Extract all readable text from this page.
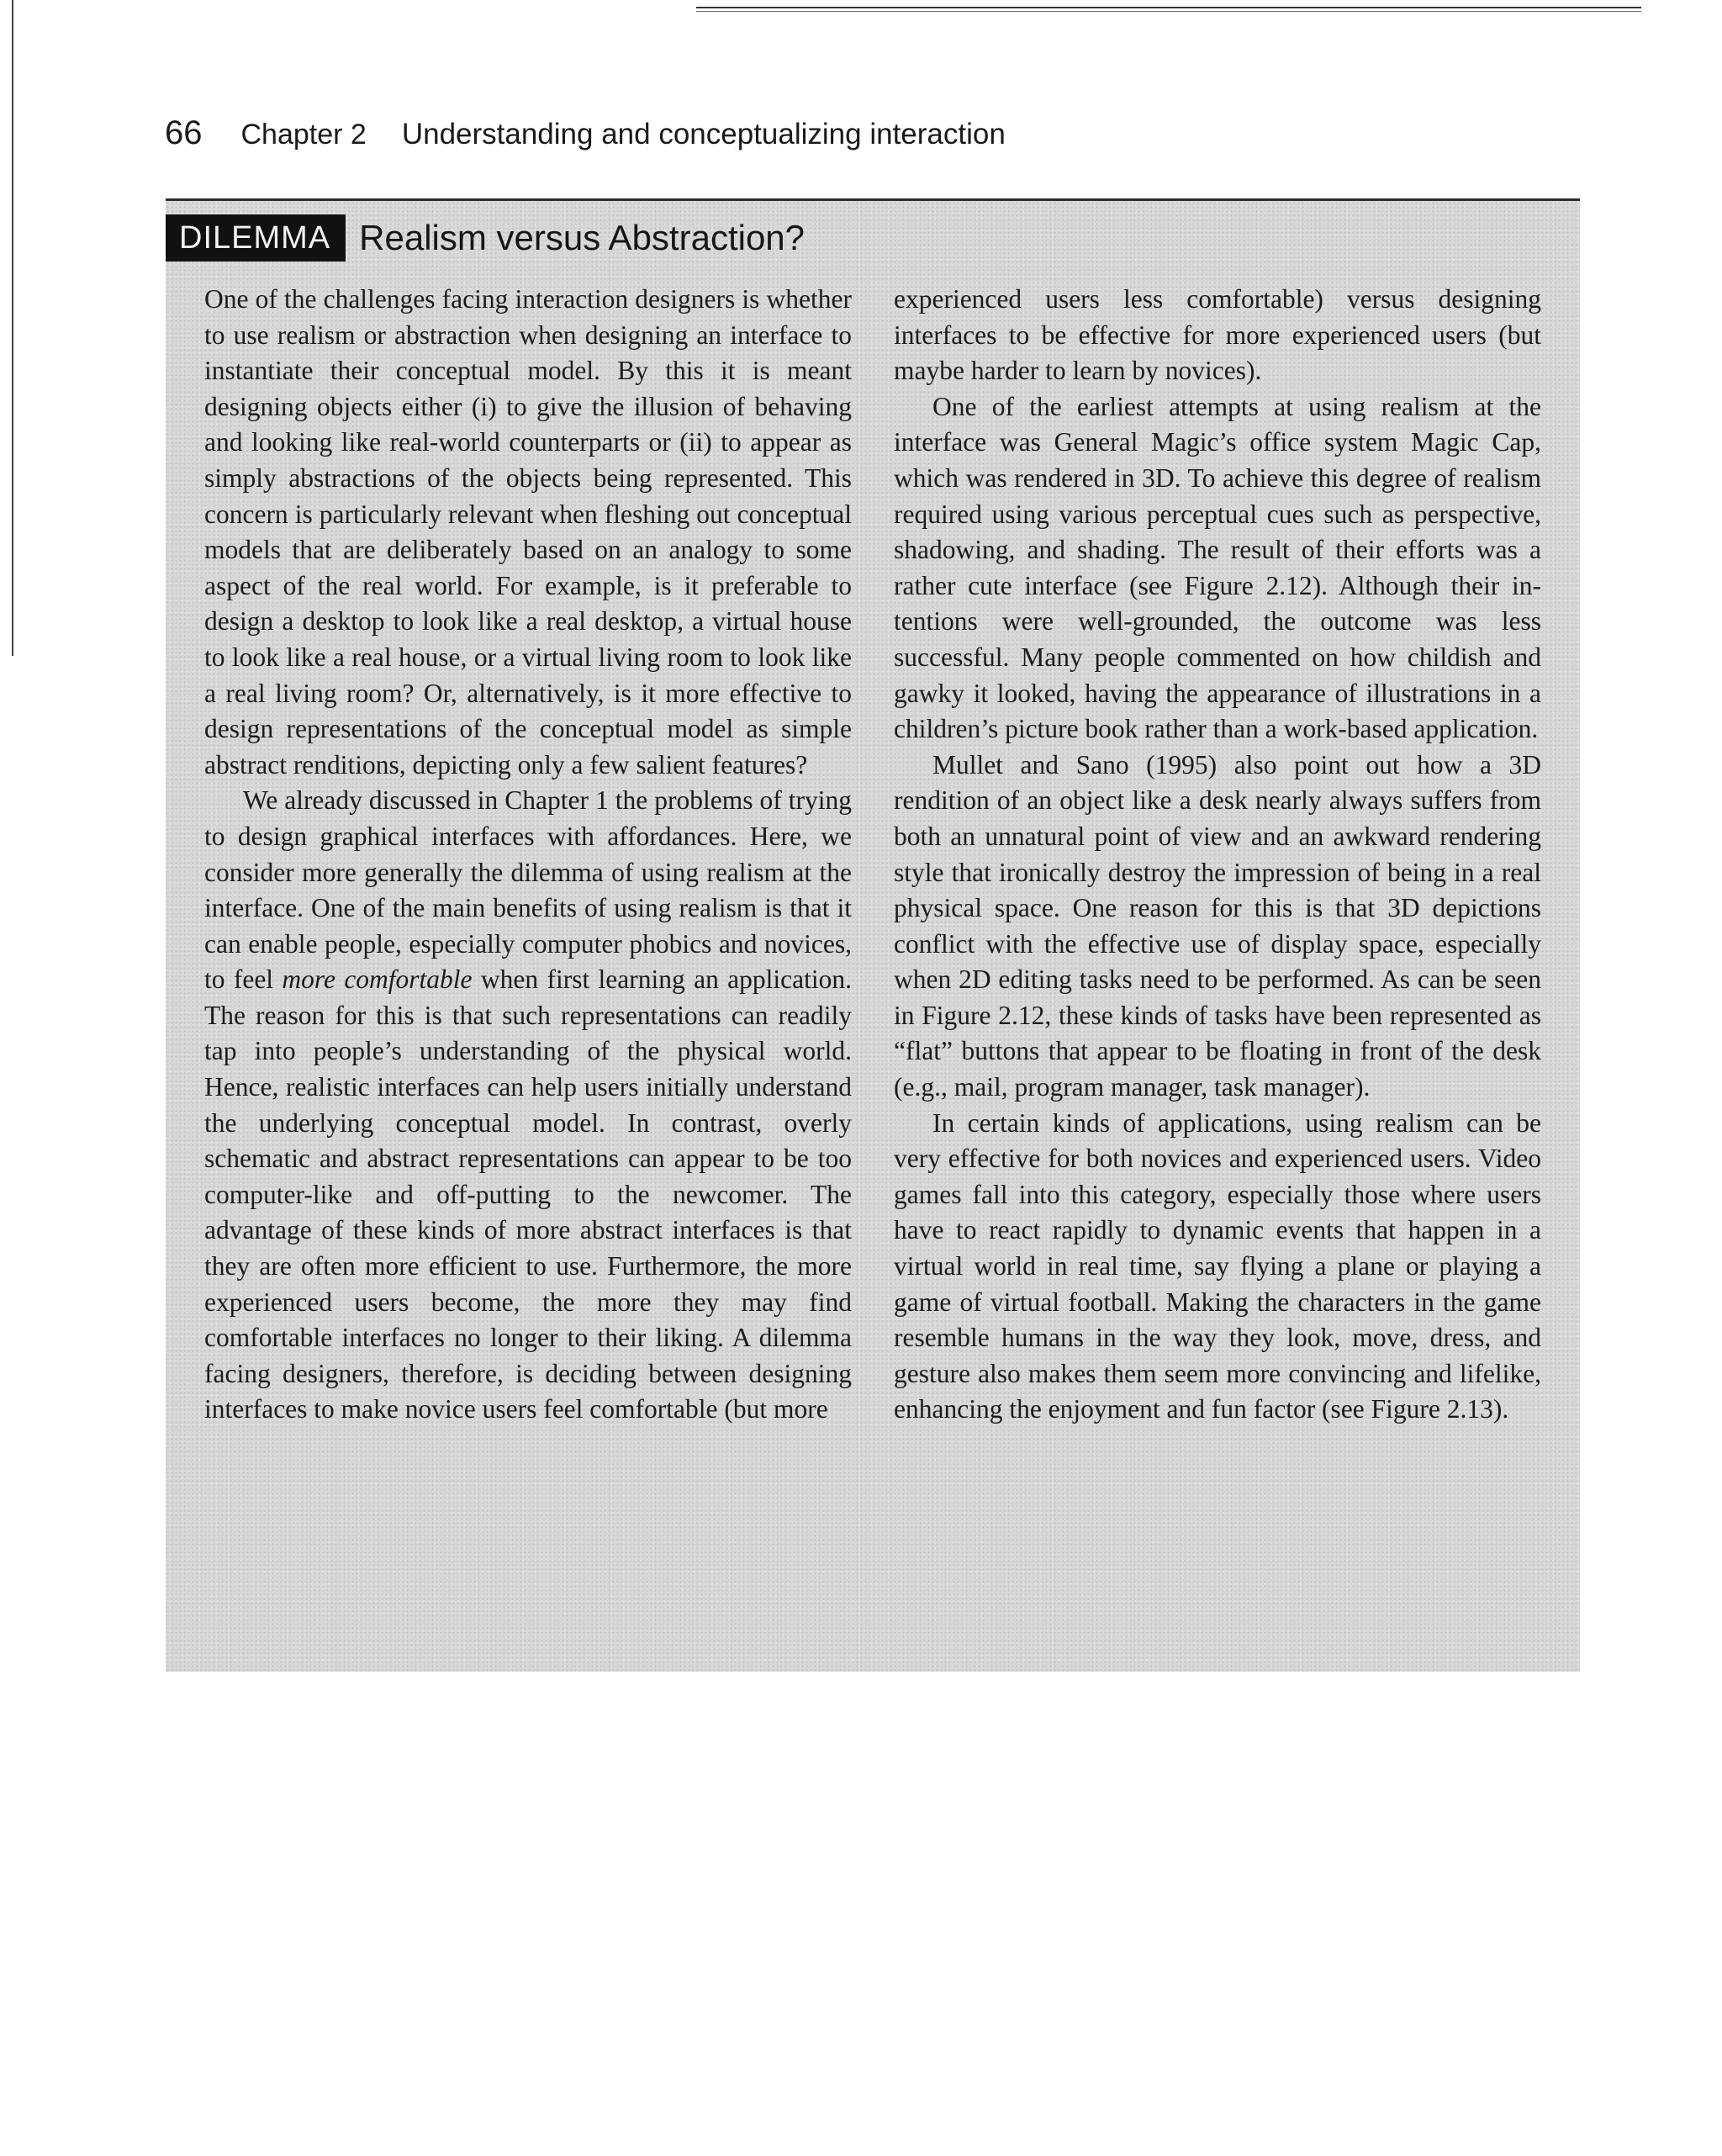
66 Chapter 2 Understanding and conceptualizing interaction
DILEMMA Realism versus Abstraction?

One of the challenges facing interaction designers is whether to use realism or abstraction when designing an interface to instantiate their conceptual model. By this it is meant designing objects either (i) to give the illusion of behaving and looking like real-world counterparts or (ii) to appear as simply abstractions of the objects being represented. This concern is particularly relevant when fleshing out conceptual models that are deliberately based on an analogy to some aspect of the real world. For example, is it preferable to design a desktop to look like a real desktop, a virtual house to look like a real house, or a virtual living room to look like a real living room? Or, alternatively, is it more effective to design representations of the conceptual model as simple abstract renditions, depicting only a few salient features?

We already discussed in Chapter 1 the problems of trying to design graphical interfaces with affordances. Here, we consider more generally the dilemma of using realism at the interface. One of the main benefits of using realism is that it can enable people, especially computer phobics and novices, to feel more comfortable when first learning an application. The reason for this is that such representations can readily tap into people’s understanding of the physical world. Hence, realistic interfaces can help users initially understand the underlying conceptual model. In contrast, overly schematic and abstract representations can appear to be too computer-like and off-putting to the newcomer. The advantage of these kinds of more abstract interfaces is that they are often more efficient to use. Furthermore, the more experienced users become, the more they may find comfortable interfaces no longer to their liking. A dilemma facing designers, therefore, is deciding between designing interfaces to make novice users feel comfortable (but more

experienced users less comfortable) versus designing interfaces to be effective for more experienced users (but maybe harder to learn by novices).

One of the earliest attempts at using realism at the interface was General Magic’s office system Magic Cap, which was rendered in 3D. To achieve this degree of realism required using various perceptual cues such as perspective, shadowing, and shading. The result of their efforts was a rather cute interface (see Figure 2.12). Although their intentions were well-grounded, the outcome was less successful. Many people commented on how childish and gawky it looked, having the appearance of illustrations in a children’s picture book rather than a work-based application.

Mullet and Sano (1995) also point out how a 3D rendition of an object like a desk nearly always suffers from both an unnatural point of view and an awkward rendering style that ironically destroy the impression of being in a real physical space. One reason for this is that 3D depictions conflict with the effective use of display space, especially when 2D editing tasks need to be performed. As can be seen in Figure 2.12, these kinds of tasks have been represented as “flat” buttons that appear to be floating in front of the desk (e.g., mail, program manager, task manager).

In certain kinds of applications, using realism can be very effective for both novices and experienced users. Video games fall into this category, especially those where users have to react rapidly to dynamic events that happen in a virtual world in real time, say flying a plane or playing a game of virtual football. Making the characters in the game resemble humans in the way they look, move, dress, and gesture also makes them seem more convincing and lifelike, enhancing the enjoyment and fun factor (see Figure 2.13).
